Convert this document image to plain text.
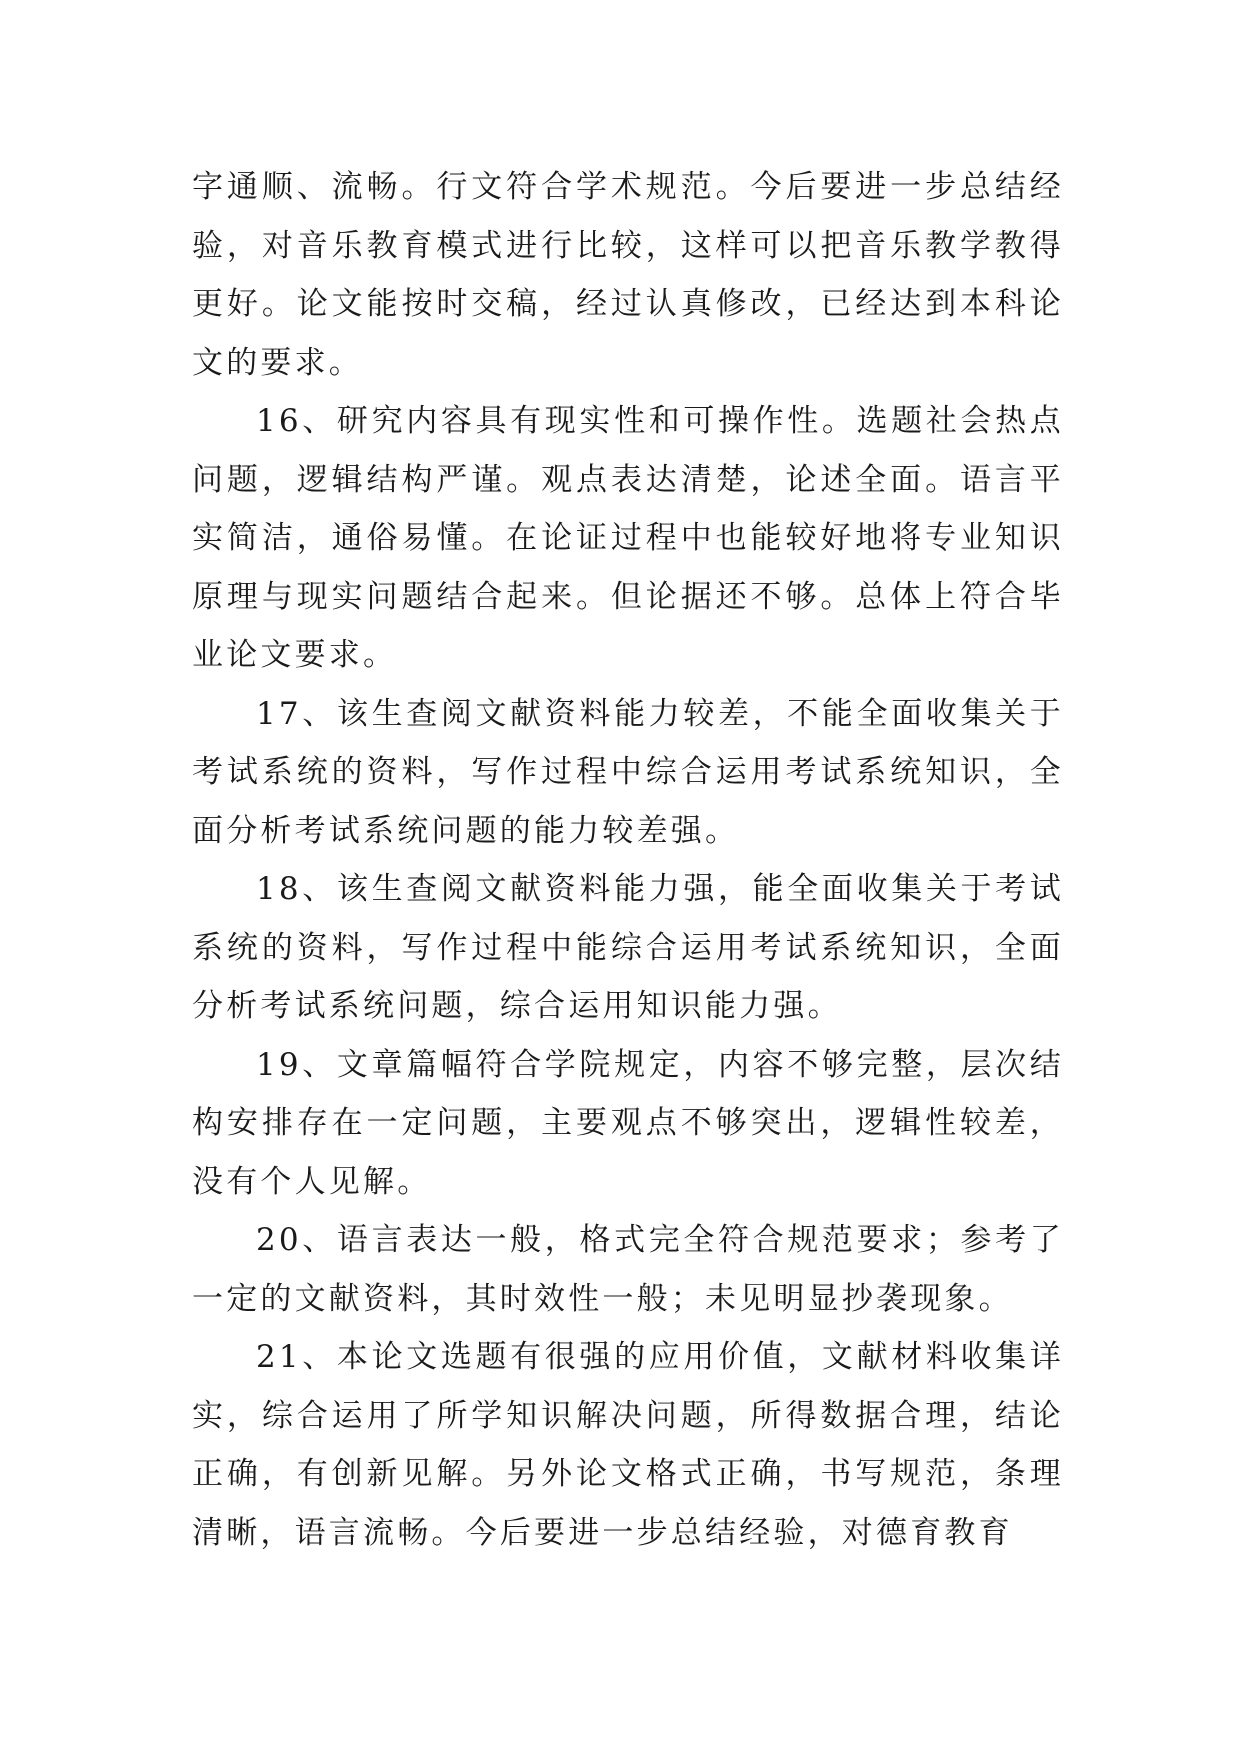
字通顺、流畅。行文符合学术规范。今后要进一步总结经验，对音乐教育模式进行比较，这样可以把音乐教学教得更好。论文能按时交稿，经过认真修改，已经达到本科论文的要求。

16、研究内容具有现实性和可操作性。选题社会热点问题，逻辑结构严谨。观点表达清楚，论述全面。语言平实简洁，通俗易懂。在论证过程中也能较好地将专业知识原理与现实问题结合起来。但论据还不够。总体上符合毕业论文要求。

17、该生查阅文献资料能力较差，不能全面收集关于考试系统的资料，写作过程中综合运用考试系统知识，全面分析考试系统问题的能力较差强。

18、该生查阅文献资料能力强，能全面收集关于考试系统的资料，写作过程中能综合运用考试系统知识，全面分析考试系统问题，综合运用知识能力强。

19、文章篇幅符合学院规定，内容不够完整，层次结构安排存在一定问题，主要观点不够突出，逻辑性较差，没有个人见解。

20、语言表达一般，格式完全符合规范要求；参考了一定的文献资料，其时效性一般；未见明显抄袭现象。

21、本论文选题有很强的应用价值，文献材料收集详实，综合运用了所学知识解决问题，所得数据合理，结论正确，有创新见解。另外论文格式正确，书写规范，条理清晰，语言流畅。今后要进一步总结经验，对德育教育
